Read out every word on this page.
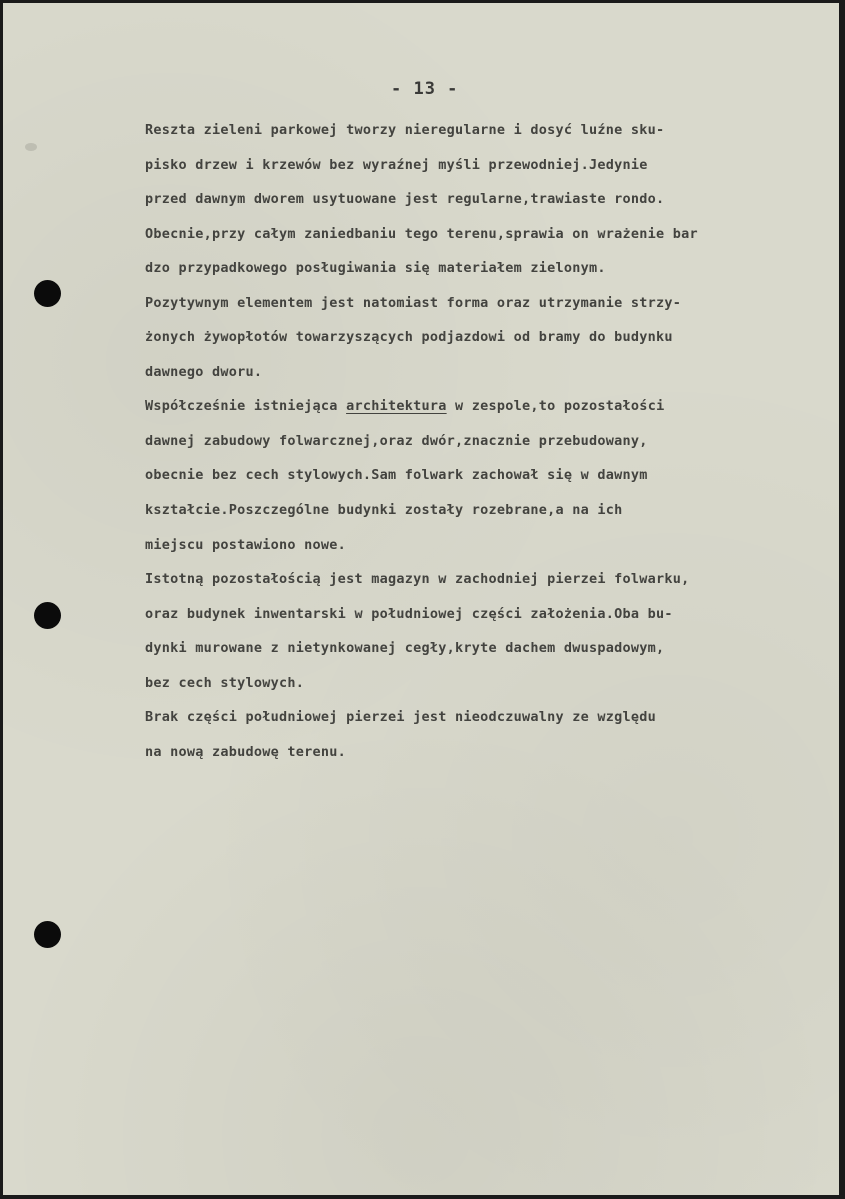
- 13 -
Reszta zieleni parkowej tworzy nieregularne i dosyć luźne sku-
pisko drzew i krzewów bez wyraźnej myśli przewodniej.Jedynie
przed dawnym dworem usytuowane jest regularne,trawiaste rondo.
Obecnie,przy całym zaniedbaniu tego terenu,sprawia on wrażenie bar
dzo przypadkowego posługiwania się materiałem zielonym.
Pozytywnym elementem jest natomiast forma oraz utrzymanie strzy-
żonych żywopłotów towarzyszących podjazdowi od bramy do budynku
dawnego dworu.
Współcześnie istniejąca architektura w zespole,to pozostałości
dawnej zabudowy folwarcznej,oraz dwór,znacznie przebudowany,
obecnie bez cech stylowych.Sam folwark zachował się w dawnym
kształcie.Poszczególne budynki zostały rozebrane,a na ich
miejscu postawiono nowe.
Istotną pozostałością jest magazyn w zachodniej pierzei folwarku,
oraz budynek inwentarski w południowej części założenia.Oba bu-
dynki murowane z nietynkowanej cegły,kryte dachem dwuspadowym,
bez cech stylowych.
Brak części południowej pierzei jest nieodczuwalny ze względu
na nową zabudowę terenu.
